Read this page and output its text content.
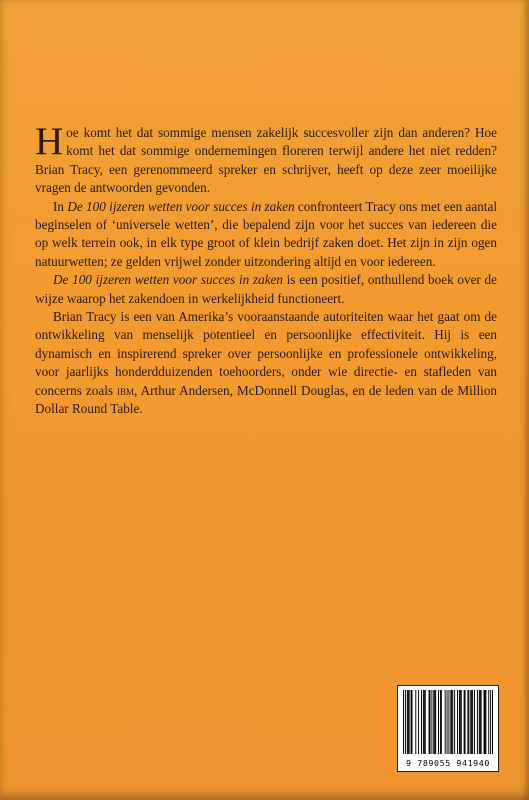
Hoe komt het dat sommige mensen zakelijk succesvoller zijn dan anderen? Hoe komt het dat sommige ondernemingen floreren terwijl andere het niet redden? Brian Tracy, een gerenommeerd spreker en schrijver, heeft op deze zeer moeilijke vragen de antwoorden gevonden.

In De 100 ijzeren wetten voor succes in zaken confronteert Tracy ons met een aantal beginselen of ‘universele wetten’, die bepalend zijn voor het succes van iedereen die op welk terrein ook, in elk type groot of klein bedrijf zaken doet. Het zijn in zijn ogen natuurwetten; ze gelden vrijwel zonder uitzondering altijd en voor iedereen.

De 100 ijzeren wetten voor succes in zaken is een positief, onthullend boek over de wijze waarop het zakendoen in werkelijkheid functioneert.

Brian Tracy is een van Amerika’s vooraanstaande autoriteiten waar het gaat om de ontwikkeling van menselijk potentieel en persoonlijke effectiviteit. Hij is een dynamisch en inspirerend spreker over persoonlijke en professionele ontwikkeling, voor jaarlijks honderdduizenden toehoorders, onder wie directie- en stafleden van concerns zoals ibm, Arthur Andersen, McDonnell Douglas, en de leden van de Million Dollar Round Table.

9 789055 941940
